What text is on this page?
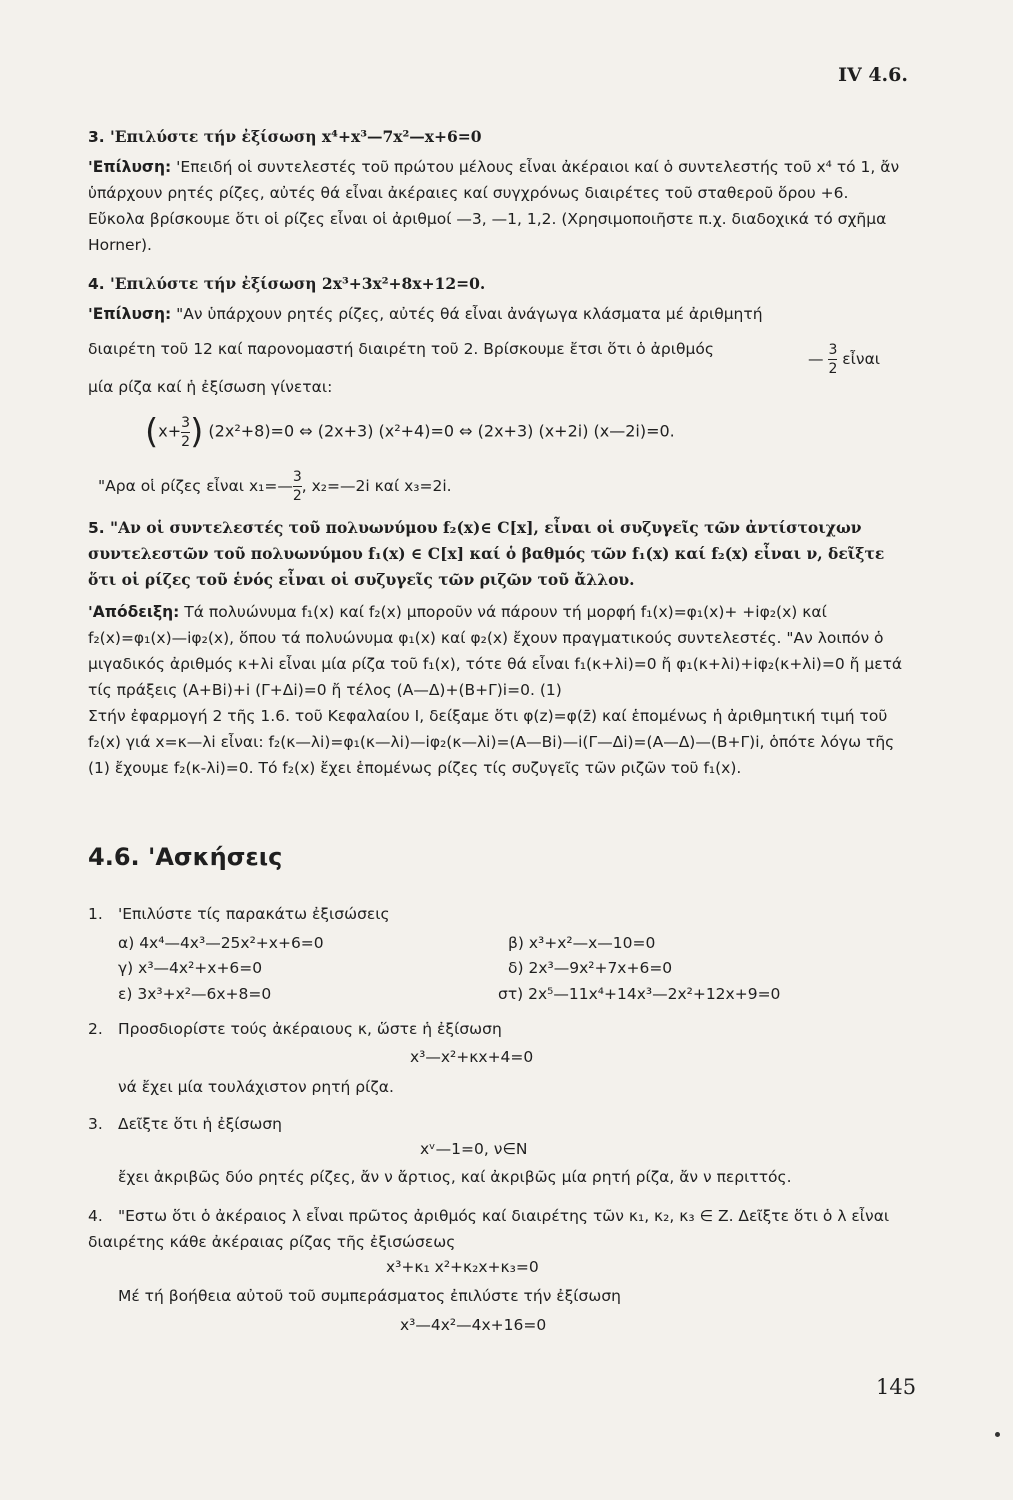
IV 4.6.
3. 'Επιλύστε τήν ἐξίσωση x⁴+x³—7x²—x+6=0
'Επίλυση: 'Επειδή οἱ συντελεστές τοῦ πρώτου μέλους εἶναι ἀκέραιοι καί ὁ συντελεστής τοῦ x⁴ τό 1, ἄν ὑπάρχουν ρητές ρίζες, αὐτές θά εἶναι ἀκέραιες καί συγχρόνως διαιρέτες τοῦ σταθεροῦ ὅρου +6. Εὔκολα βρίσκουμε ὅτι οἱ ρίζες εἶναι οἱ ἀριθμοί —3, —1, 1,2. (Χρησιμοποιῆστε π.χ. διαδοχικά τό σχῆμα Horner).
4. 'Επιλύστε τήν ἐξίσωση 2x³+3x²+8x+12=0.
'Επίλυση: "Αν ὑπάρχουν ρητές ρίζες, αὐτές θά εἶναι ἀνάγωγα κλάσματα μέ ἀριθμητή
διαιρέτη τοῦ 12 καί παρονομαστή διαιρέτη τοῦ 2. Βρίσκουμε ἔτσι ὅτι ὁ ἀριθμός
— $\frac{3}{2}$ εἶναι
μία ρίζα καί ἡ ἐξίσωση γίνεται:
($x+ \frac{3}{2}$ ) (2x²+8)=0 ⇔ (2x+3) (x²+4)=0 ⇔ (2x+3) (x+2i) (x—2i)=0.
"Αρα οἱ ρίζες εἶναι x₁=— $\frac{3}{2}$ , x₂=—2i καί x₃=2i.
5. "Αν οἱ συντελεστές τοῦ πολυωνύμου f₂(x)∈ C[x], εἶναι οἱ συζυγεῖς τῶν ἀντίστοιχων συντελεστῶν τοῦ πολυωνύμου f₁(x) ∈ C[x] καί ὁ βαθμός τῶν f₁(x) καί f₂(x) εἶναι ν, δεῖξτε ὅτι οἱ ρίζες τοῦ ἑνός εἶναι οἱ συζυγεῖς τῶν ριζῶν τοῦ ἄλλου.
'Απόδειξη: Τά πολυώνυμα f₁(x) καί f₂(x) μποροῦν νά πάρουν τή μορφή f₁(x)=φ₁(x)+ +iφ₂(x) καί f₂(x)=φ₁(x)—iφ₂(x), ὅπου τά πολυώνυμα φ₁(x) καί φ₂(x) ἔχουν πραγματικούς συντελεστές. "Αν λοιπόν ὁ μιγαδικός ἀριθμός κ+λi εἶναι μία ρίζα τοῦ f₁(x), τότε θά εἶναι f₁(κ+λi)=0 ἤ φ₁(κ+λi)+iφ₂(κ+λi)=0 ἤ μετά τίς πράξεις (A+Bi)+i (Γ+Δi)=0 ἤ τέλος (A—Δ)+(B+Γ)i=0. (1)
Στήν ἐφαρμογή 2 τῆς 1.6. τοῦ Κεφαλαίου I, δείξαμε ὅτι φ(z)=φ(z̄) καί ἑπομένως ἡ ἀριθμητική τιμή τοῦ f₂(x) γιά x=κ—λi εἶναι: f₂(κ—λi)=φ₁(κ—λi)—iφ₂(κ—λi)=(A—Bi)—i(Γ—Δi)=(A—Δ)—(B+Γ)i, ὁπότε λόγω τῆς (1) ἔχουμε f₂(κ-λi)=0. Τό f₂(x) ἔχει ἑπομένως ρίζες τίς συζυγεῖς τῶν ριζῶν τοῦ f₁(x).
4.6. 'Ασκήσεις
1. 'Επιλύστε τίς παρακάτω ἐξισώσεις
α) 4x⁴—4x³—25x²+x+6=0	β) x³+x²—x—10=0
γ) x³—4x²+x+6=0	δ) 2x³—9x²+7x+6=0
ε) 3x³+x²—6x+8=0	στ) 2x⁵—11x⁴+14x³—2x²+12x+9=0
2. Προσδιορίστε τούς ἀκέραιους κ, ὥστε ἡ ἐξίσωση
x³—x²+κx+4=0
νά ἔχει μία τουλάχιστον ρητή ρίζα.
3. Δεῖξτε ὅτι ἡ ἐξίσωση
xᵛ—1=0, ν∈N
ἔχει ἀκριβῶς δύο ρητές ρίζες, ἄν ν ἄρτιος, καί ἀκριβῶς μία ρητή ρίζα, ἄν ν περιττός.
4. "Εστω ὅτι ὁ ἀκέραιος λ εἶναι πρῶτος ἀριθμός καί διαιρέτης τῶν κ₁, κ₂, κ₃ ∈ Z. Δεῖξτε ὅτι ὁ λ εἶναι διαιρέτης κάθε ἀκέραιας ρίζας τῆς ἐξισώσεως
x³+κ₁ x²+κ₂x+κ₃=0
Μέ τή βοήθεια αὐτοῦ τοῦ συμπεράσματος ἐπιλύστε τήν ἐξίσωση
x³—4x²—4x+16=0
145
